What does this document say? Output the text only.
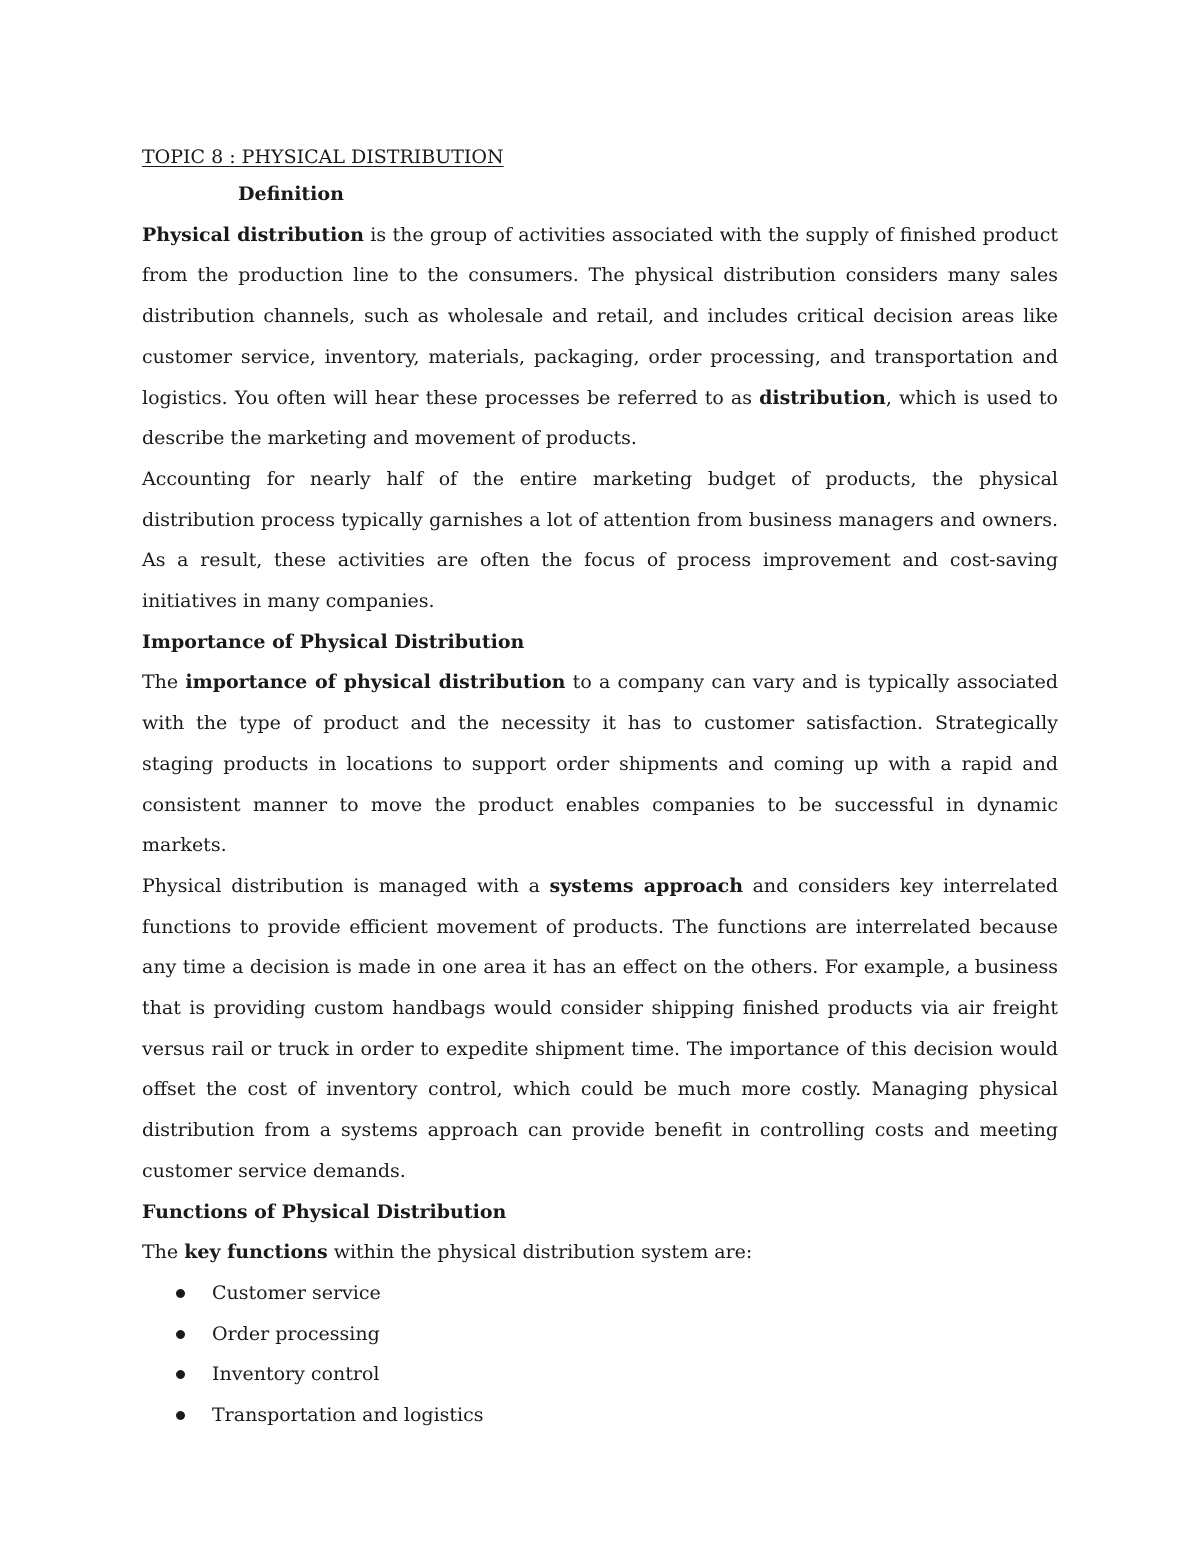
TOPIC 8 : PHYSICAL DISTRIBUTION

Definition

Physical distribution is the group of activities associated with the supply of finished product from the production line to the consumers. The physical distribution considers many sales distribution channels, such as wholesale and retail, and includes critical decision areas like customer service, inventory, materials, packaging, order processing, and transportation and logistics. You often will hear these processes be referred to as distribution, which is used to describe the marketing and movement of products.

Accounting for nearly half of the entire marketing budget of products, the physical distribution process typically garnishes a lot of attention from business managers and owners. As a result, these activities are often the focus of process improvement and cost-saving initiatives in many companies.

Importance of Physical Distribution

The importance of physical distribution to a company can vary and is typically associated with the type of product and the necessity it has to customer satisfaction. Strategically staging products in locations to support order shipments and coming up with a rapid and consistent manner to move the product enables companies to be successful in dynamic markets.

Physical distribution is managed with a systems approach and considers key interrelated functions to provide efficient movement of products. The functions are interrelated because any time a decision is made in one area it has an effect on the others. For example, a business that is providing custom handbags would consider shipping finished products via air freight versus rail or truck in order to expedite shipment time. The importance of this decision would offset the cost of inventory control, which could be much more costly. Managing physical distribution from a systems approach can provide benefit in controlling costs and meeting customer service demands.

Functions of Physical Distribution

The key functions within the physical distribution system are:

Customer service
Order processing
Inventory control
Transportation and logistics
